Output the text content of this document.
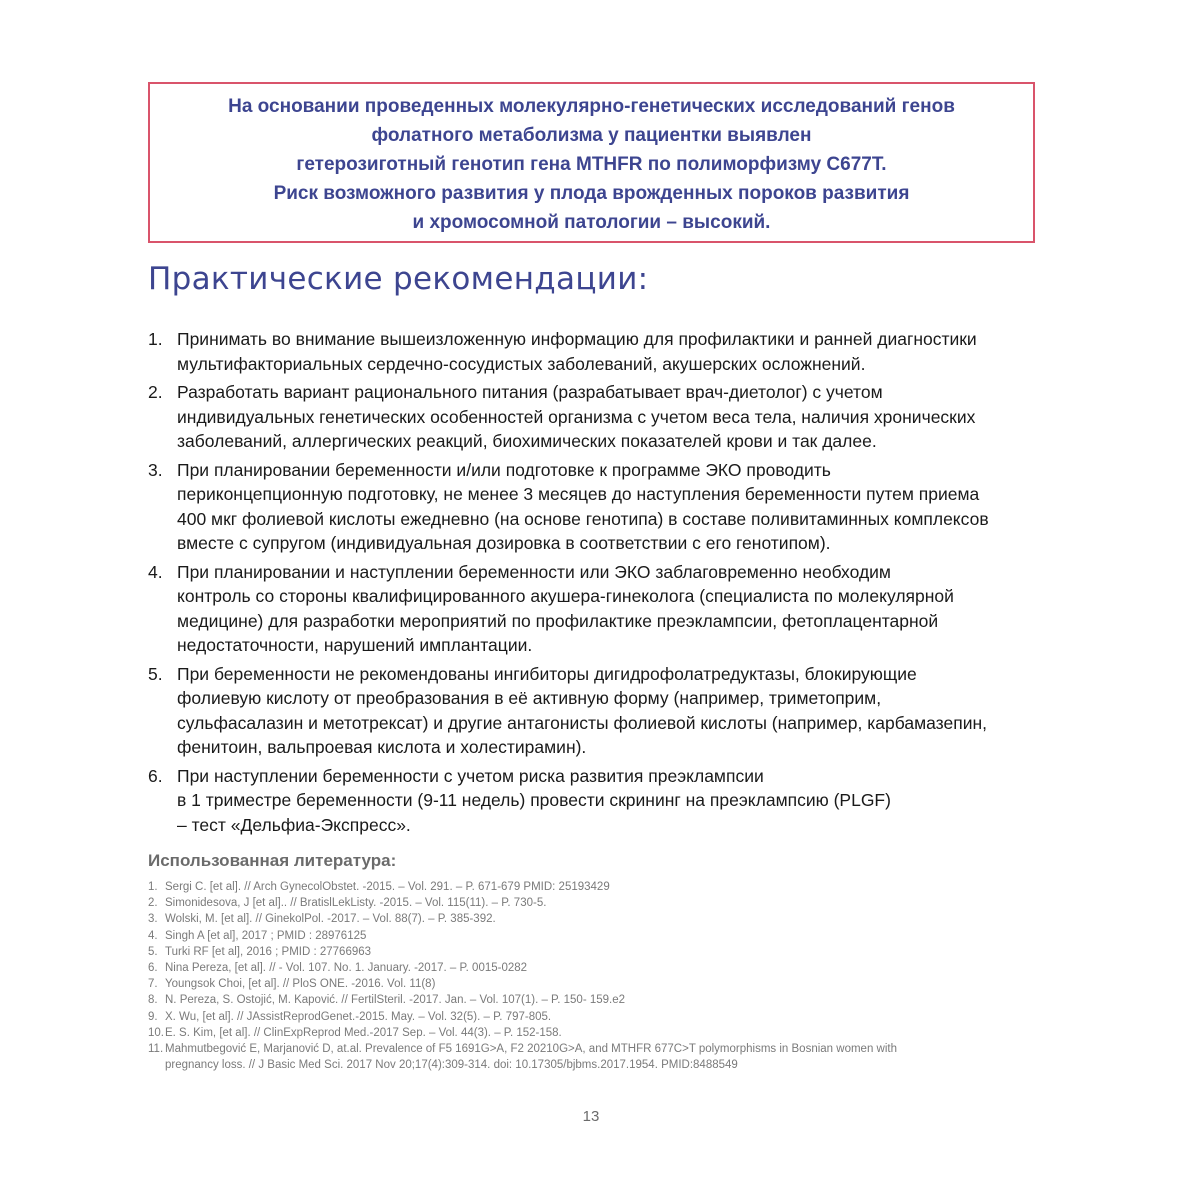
На основании проведенных молекулярно-генетических исследований генов
фолатного метаболизма у пациентки выявлен
гетерозиготный генотип гена MTHFR по полиморфизму С677Т.
Риск возможного развития у плода врожденных пороков развития
и хромосомной патологии – высокий.
Практические рекомендации:
1. Принимать во внимание вышеизложенную информацию для профилактики и ранней диагностики
мультифакториальных сердечно-сосудистых заболеваний, акушерских осложнений.
2. Разработать вариант рационального питания (разрабатывает врач-диетолог) с учетом
индивидуальных генетических особенностей организма с учетом веса тела, наличия хронических
заболеваний, аллергических реакций, биохимических показателей крови и так далее.
3. При планировании беременности и/или подготовке к программе ЭКО проводить
периконцепционную подготовку, не менее 3 месяцев до наступления беременности путем приема
400 мкг фолиевой кислоты ежедневно (на основе генотипа) в составе поливитаминных комплексов
вместе с супругом (индивидуальная дозировка в соответствии с его генотипом).
4. При планировании и наступлении беременности или ЭКО заблаговременно необходим
контроль со стороны квалифицированного акушера-гинеколога (специалиста по молекулярной
медицине) для разработки мероприятий по профилактике преэклампсии, фетоплацентарной
недостаточности, нарушений имплантации.
5. При беременности не рекомендованы ингибиторы дигидрофолатредуктазы, блокирующие
фолиевую кислоту от преобразования в её активную форму (например, триметоприм,
сульфасалазин и метотрексат) и другие антагонисты фолиевой кислоты (например, карбамазепин,
фенитоин, вальпроевая кислота и холестирамин).
6. При наступлении беременности с учетом риска развития преэклампсии
в 1 триместре беременности (9-11 недель) провести скрининг на преэклампсию (PLGF)
– тест «Дельфиа-Экспресс».
Использованная литература:
1. Sergi C. [et al]. // Arch GynecolObstet. -2015. – Vol. 291. – P. 671-679 PMID: 25193429
2. Simonidesova, J [et al].. // BratislLekListy. -2015. – Vol. 115(11). – P. 730-5.
3. Wolski, M. [et al]. // GinekolPol. -2017. – Vol. 88(7). – P. 385-392.
4. Singh A [et al], 2017 ; PMID : 28976125
5. Turki RF [et al], 2016 ; PMID : 27766963
6. Nina Pereza, [et al]. // - Vol. 107. No. 1. January. -2017. – P. 0015-0282
7. Youngsok Choi, [et al]. // PloS ONE. -2016. Vol. 11(8)
8. N. Pereza, S. Ostojić, M. Kapović. // FertilSteril. -2017. Jan. – Vol. 107(1). – P. 150- 159.e2
9. X. Wu, [et al]. // JAssistReprodGenet.-2015. May. – Vol. 32(5). – P. 797-805.
10. E. S. Kim, [et al]. // ClinExpReprod Med.-2017 Sep. – Vol. 44(3). – P. 152-158.
11. Mahmutbegović E, Marjanović D, at.al. Prevalence of F5 1691G>A, F2 20210G>A, and MTHFR 677C>T polymorphisms in Bosnian women with
pregnancy loss. // J Basic Med Sci. 2017 Nov 20;17(4):309-314. doi: 10.17305/bjbms.2017.1954. PMID:8488549
13
